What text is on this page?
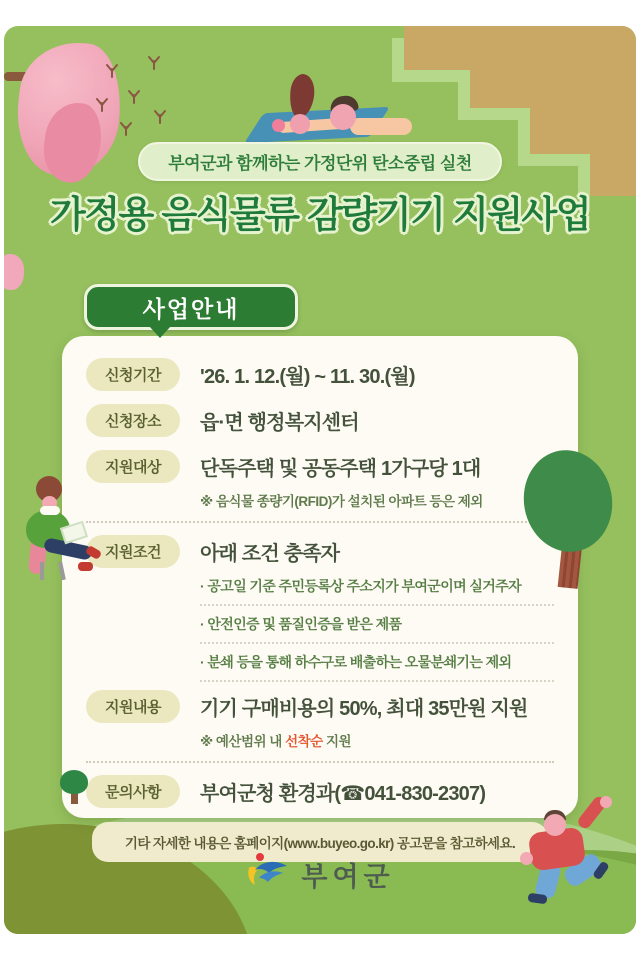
부여군과 함께하는 가정단위 탄소중립 실천
가정용 음식물류 감량기기 지원사업
사업안내
신청기간	'26. 1. 12.(월) ~ 11. 30.(월)
신청장소	읍·면 행정복지센터
지원대상	단독주택 및 공동주택 1가구당 1대
※ 음식물 종량기(RFID)가 설치된 아파트 등은 제외
지원조건	아래 조건 충족자
· 공고일 기준 주민등록상 주소지가 부여군이며 실거주자
· 안전인증 및 품질인증을 받은 제품
· 분쇄 등을 통해 하수구로 배출하는 오물분쇄기는 제외
지원내용	기기 구매비용의 50%, 최대 35만원 지원
※ 예산범위 내 선착순 지원
문의사항	부여군청 환경과(☎041-830-2307)
기타 자세한 내용은 홈페이지(www.buyeo.go.kr) 공고문을 참고하세요.
부여군
